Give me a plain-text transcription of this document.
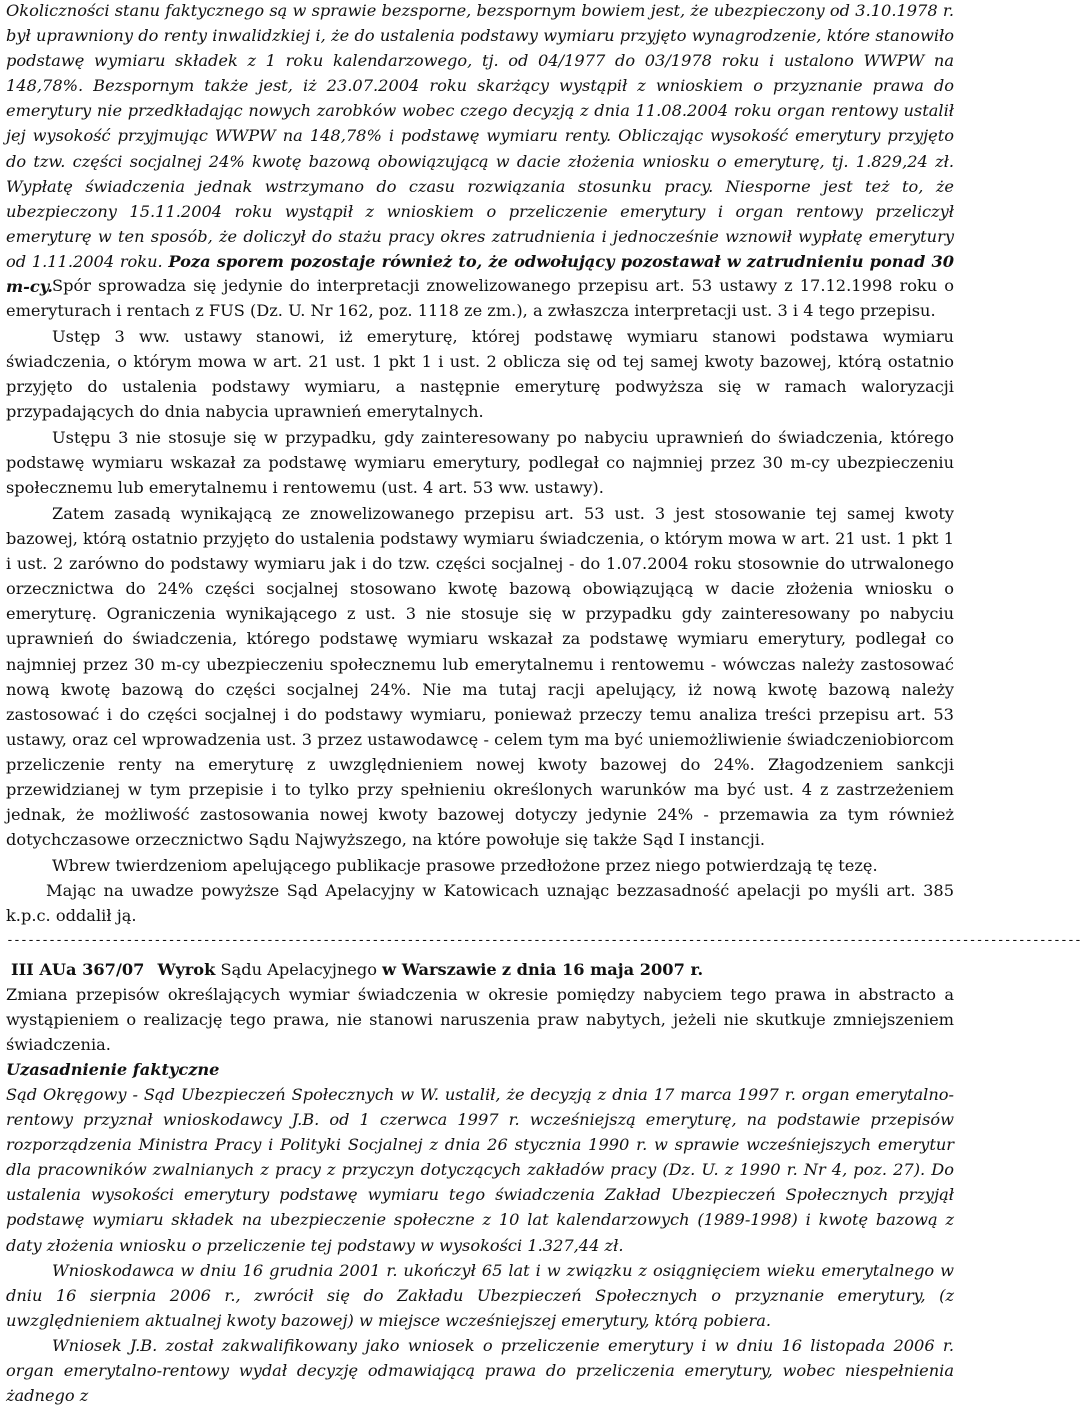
Okoliczności stanu faktycznego są w sprawie bezsporne, bezspornym bowiem jest, że ubezpieczony od 3.10.1978 r. był uprawniony do renty inwalidzkiej i, że do ustalenia podstawy wymiaru przyjęto wynagrodzenie, które stanowiło podstawę wymiaru składek z 1 roku kalendarzowego, tj. od 04/1977 do 03/1978 roku i ustalono WWPW na 148,78%. Bezspornym także jest, iż 23.07.2004 roku skarżący wystąpił z wnioskiem o przyznanie prawa do emerytury nie przedkładając nowych zarobków wobec czego decyzją z dnia 11.08.2004 roku organ rentowy ustalił jej wysokość przyjmując WWPW na 148,78% i podstawę wymiaru renty. Obliczając wysokość emerytury przyjęto do tzw. części socjalnej 24% kwotę bazową obowiązującą w dacie złożenia wniosku o emeryturę, tj. 1.829,24 zł. Wypłatę świadczenia jednak wstrzymano do czasu rozwiązania stosunku pracy. Niesporne jest też to, że ubezpieczony 15.11.2004 roku wystąpił z wnioskiem o przeliczenie emerytury i organ rentowy przeliczył emeryturę w ten sposób, że doliczył do stażu pracy okres zatrudnienia i jednocześnie wznowił wypłatę emerytury od 1.11.2004 roku. Poza sporem pozostaje również to, że odwołujący pozostawał w zatrudnieniu ponad 30 m-cy. Spór sprowadza się jedynie do interpretacji znowelizowanego przepisu art. 53 ustawy z 17.12.1998 roku o emeryturach i rentach z FUS (Dz. U. Nr 162, poz. 1118 ze zm.), a zwłaszcza interpretacji ust. 3 i 4 tego przepisu.

Ustęp 3 ww. ustawy stanowi, iż emeryturę, której podstawę wymiaru stanowi podstawa wymiaru świadczenia, o którym mowa w art. 21 ust. 1 pkt 1 i ust. 2 oblicza się od tej samej kwoty bazowej, którą ostatnio przyjęto do ustalenia podstawy wymiaru, a następnie emeryturę podwyższa się w ramach waloryzacji przypadających do dnia nabycia uprawnień emerytalnych.

Ustępu 3 nie stosuje się w przypadku, gdy zainteresowany po nabyciu uprawnień do świadczenia, którego podstawę wymiaru wskazał za podstawę wymiaru emerytury, podlegał co najmniej przez 30 m-cy ubezpieczeniu społecznemu lub emerytalnemu i rentowemu (ust. 4 art. 53 ww. ustawy).

Zatem zasadą wynikającą ze znowelizowanego przepisu art. 53 ust. 3 jest stosowanie tej samej kwoty bazowej, którą ostatnio przyjęto do ustalenia podstawy wymiaru świadczenia, o którym mowa w art. 21 ust. 1 pkt 1 i ust. 2 zarówno do podstawy wymiaru jak i do tzw. części socjalnej - do 1.07.2004 roku stosownie do utrwalonego orzecznictwa do 24% części socjalnej stosowano kwotę bazową obowiązującą w dacie złożenia wniosku o emeryturę. Ograniczenia wynikającego z ust. 3 nie stosuje się w przypadku gdy zainteresowany po nabyciu uprawnień do świadczenia, którego podstawę wymiaru wskazał za podstawę wymiaru emerytury, podlegał co najmniej przez 30 m-cy ubezpieczeniu społecznemu lub emerytalnemu i rentowemu - wówczas należy zastosować nową kwotę bazową do części socjalnej 24%. Nie ma tutaj racji apelujący, iż nową kwotę bazową należy zastosować i do części socjalnej i do podstawy wymiaru, ponieważ przeczy temu analiza treści przepisu art. 53 ustawy, oraz cel wprowadzenia ust. 3 przez ustawodawcę - celem tym ma być uniemożliwienie świadczeniobiorcom przeliczenie renty na emeryturę z uwzględnieniem nowej kwoty bazowej do 24%. Złagodzeniem sankcji przewidzianej w tym przepisie i to tylko przy spełnieniu określonych warunków ma być ust. 4 z zastrzeżeniem jednak, że możliwość zastosowania nowej kwoty bazowej dotyczy jedynie 24% - przemawia za tym również dotychczasowe orzecznictwo Sądu Najwyższego, na które powołuje się także Sąd I instancji.

Wbrew twierdzeniom apelującego publikacje prasowe przedłożone przez niego potwierdzają tę tezę.

Mając na uwadze powyższe Sąd Apelacyjny w Katowicach uznając bezzasadność apelacji po myśli art. 385 k.p.c. oddalił ją.

---------------------------------------------------------------------------------------------------------------------------------------------------------
III AUa 367/07 Wyrok Sądu Apelacyjnego w Warszawie z dnia 16 maja 2007 r.

Zmiana przepisów określających wymiar świadczenia w okresie pomiędzy nabyciem tego prawa in abstracto a wystąpieniem o realizację tego prawa, nie stanowi naruszenia praw nabytych, jeżeli nie skutkuje zmniejszeniem świadczenia.

Uzasadnienie faktyczne

Sąd Okręgowy - Sąd Ubezpieczeń Społecznych w W. ustalił, że decyzją z dnia 17 marca 1997 r. organ emerytalno-rentowy przyznał wnioskodawcy J.B. od 1 czerwca 1997 r. wcześniejszą emeryturę, na podstawie przepisów rozporządzenia Ministra Pracy i Polityki Socjalnej z dnia 26 stycznia 1990 r. w sprawie wcześniejszych emerytur dla pracowników zwalnianych z pracy z przyczyn dotyczących zakładów pracy (Dz. U. z 1990 r. Nr 4, poz. 27). Do ustalenia wysokości emerytury podstawę wymiaru tego świadczenia Zakład Ubezpieczeń Społecznych przyjął podstawę wymiaru składek na ubezpieczenie społeczne z 10 lat kalendarzowych (1989-1998) i kwotę bazową z daty złożenia wniosku o przeliczenie tej podstawy w wysokości 1.327,44 zł.

Wnioskodawca w dniu 16 grudnia 2001 r. ukończył 65 lat i w związku z osiągnięciem wieku emerytalnego w dniu 16 sierpnia 2006 r., zwrócił się do Zakładu Ubezpieczeń Społecznych o przyznanie emerytury, (z uwzględnieniem aktualnej kwoty bazowej) w miejsce wcześniejszej emerytury, którą pobiera.

Wniosek J.B. został zakwalifikowany jako wniosek o przeliczenie emerytury i w dniu 16 listopada 2006 r. organ emerytalno-rentowy wydał decyzję odmawiającą prawa do przeliczenia emerytury, wobec niespełnienia żadnego z
